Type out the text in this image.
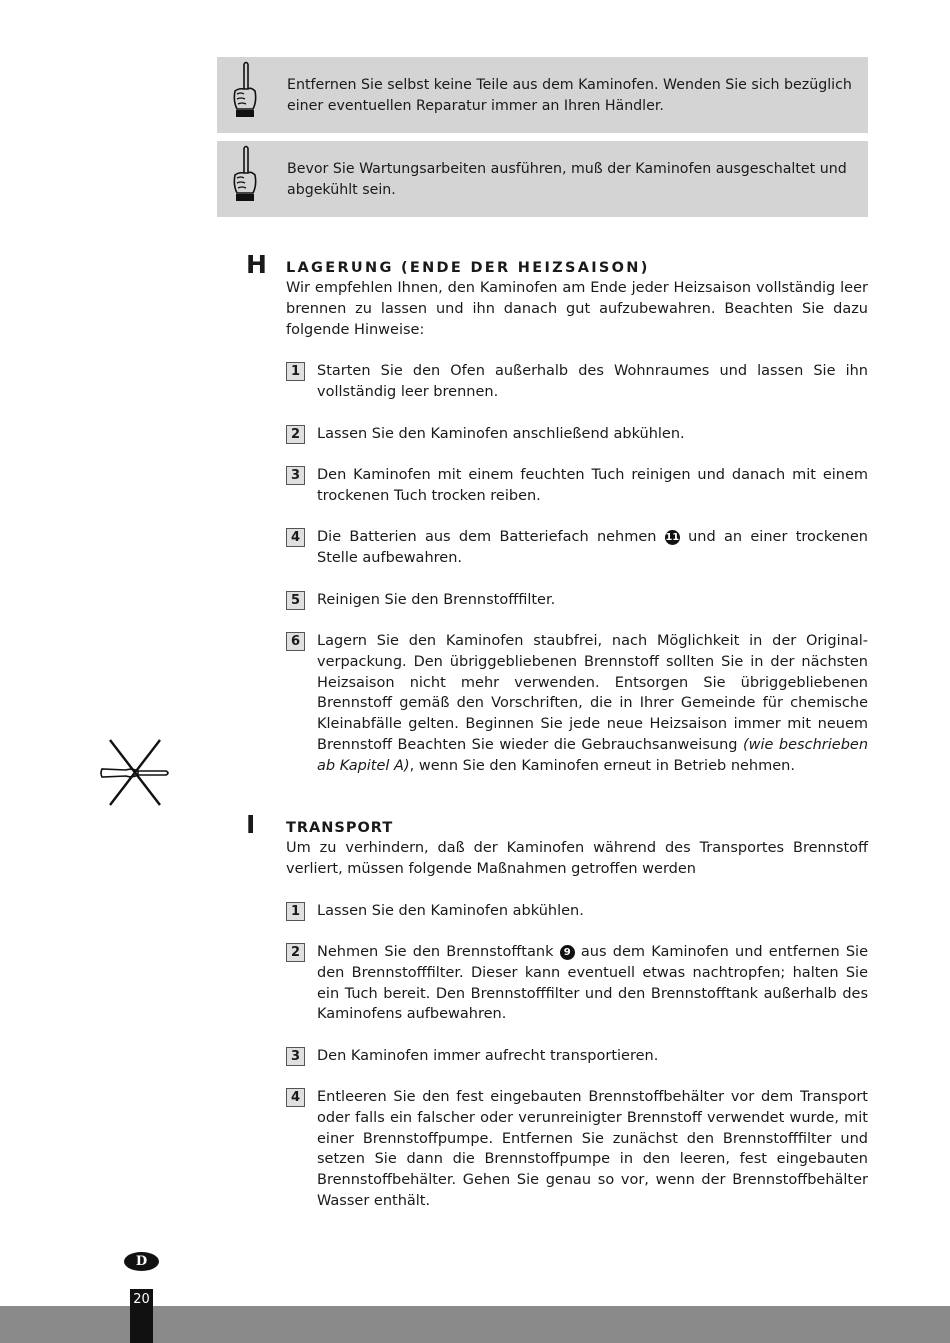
Entfernen Sie selbst keine Teile aus dem Kaminofen. Wenden Sie sich bezüglich einer eventuellen Reparatur immer an Ihren Händler.
Bevor Sie Wartungsarbeiten ausführen, muß der Kaminofen ausgeschaltet und abgekühlt sein.
H LAGERUNG (ENDE DER HEIZSAISON)
Wir empfehlen Ihnen, den Kaminofen am Ende jeder Heizsaison vollständig leer brennen zu lassen und ihn danach gut aufzubewahren. Beachten Sie dazu folgende Hinweise:
1	Starten Sie den Ofen außerhalb des Wohnraumes und lassen Sie ihn vollständig leer brennen.
2	Lassen Sie den Kaminofen anschließend abkühlen.
3	Den Kaminofen mit einem feuchten Tuch reinigen und danach mit einem trockenen Tuch trocken reiben.
4	Die Batterien aus dem Batteriefach nehmen 11 und an einer trockenen Stelle aufbewahren.
5	Reinigen Sie den Brennstofffilter.
6	Lagern Sie den Kaminofen staubfrei, nach Möglichkeit in der Original-verpackung. Den übriggebliebenen Brennstoff sollten Sie in der nächsten Heizsaison nicht mehr verwenden. Entsorgen Sie übriggebliebenen Brennstoff gemäß den Vorschriften, die in Ihrer Gemeinde für chemische Kleinabfälle gelten. Beginnen Sie jede neue Heizsaison immer mit neuem Brennstoff Beachten Sie wieder die Gebrauchsanweisung (wie beschrieben ab Kapitel A), wenn Sie den Kaminofen erneut in Betrieb nehmen.
I TRANSPORT
Um zu verhindern, daß der Kaminofen während des Transportes Brennstoff verliert, müssen folgende Maßnahmen getroffen werden
1	Lassen Sie den Kaminofen abkühlen.
2	Nehmen Sie den Brennstofftank 9 aus dem Kaminofen und entfernen Sie den Brennstofffilter. Dieser kann eventuell etwas nachtropfen; halten Sie ein Tuch bereit. Den Brennstofffilter und den Brennstofftank außerhalb des Kaminofens aufbewahren.
3	Den Kaminofen immer aufrecht transportieren.
4	Entleeren Sie den fest eingebauten Brennstoffbehälter vor dem Transport oder falls ein falscher oder verunreinigter Brennstoff verwendet wurde, mit einer Brennstoffpumpe. Entfernen Sie zunächst den Brennstofffilter und setzen Sie dann die Brennstoffpumpe in den leeren, fest eingebauten Brennstoffbehälter. Gehen Sie genau so vor, wenn der Brennstoffbehälter Wasser enthält.
D
20
